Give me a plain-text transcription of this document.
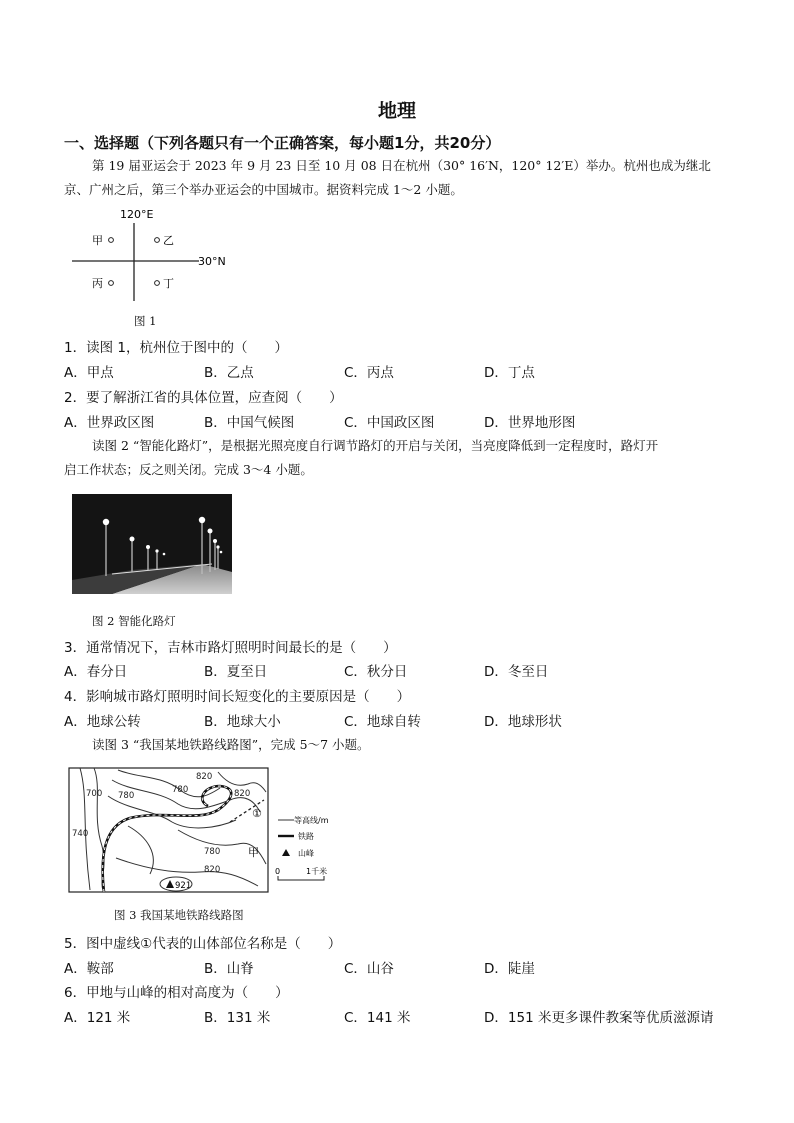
地理
一、选择题（下列各题只有一个正确答案，每小题1分，共20分）
第 19 届亚运会于 2023 年 9 月 23 日至 10 月 08 日在杭州（30° 16′N，120° 12′E）举办。杭州也成为继北
京、广州之后，第三个举办亚运会的中国城市。据资料完成 1～2 小题。
120°E
30°N
甲	乙
丙	丁
图 1
1．读图 1，杭州位于图中的（　　）
A．甲点	B．乙点	C．丙点	D．丁点
2．要了解浙江省的具体位置，应查阅（　　）
A．世界政区图	B．中国气候图	C．中国政区图	D．世界地形图
读图 2 “智能化路灯”，是根据光照亮度自行调节路灯的开启与关闭，当亮度降低到一定程度时，路灯开
启工作状态；反之则关闭。完成 3～4 小题。
图 2 智能化路灯
3．通常情况下，吉林市路灯照明时间最长的是（　　）
A．春分日	B．夏至日	C．秋分日	D．冬至日
4．影响城市路灯照明时间长短变化的主要原因是（　　）
A．地球公转	B．地球大小	C．地球自转	D．地球形状
读图 3 “我国某地铁路线路图”，完成 5～7 小题。
820
780
700
740
780
820
820
780
甲
①
921
等高线/m
铁路
山峰
0	1千米
图 3 我国某地铁路线路图
5．图中虚线①代表的山体部位名称是（　　）
A．鞍部	B．山脊	C．山谷	D．陡崖
6．甲地与山峰的相对高度为（　　）
A．121 米	B．131 米	C．141 米	D．151 米更多课件教案等优质滋源请
